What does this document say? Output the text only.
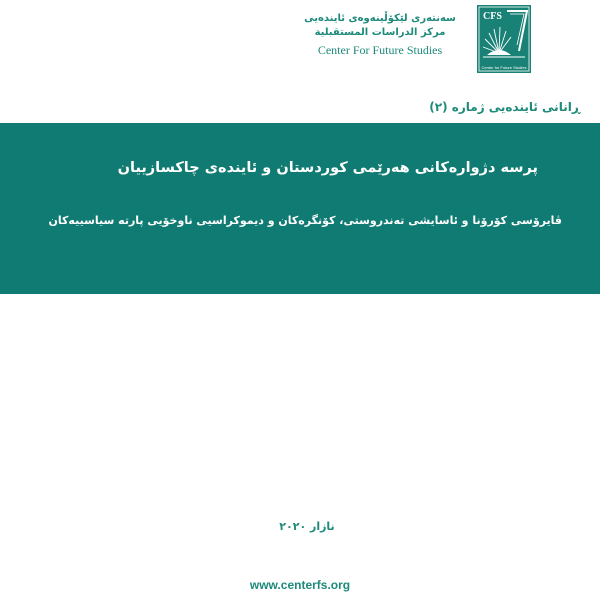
سەنتەری لێکۆڵینەوەی ئایندەیی
مركز الدراسات المستقبلية
Center For Future Studies
CFS
Center for Future Studies
ڕانانی ئایندەیی ژمارە (٢)
پرسە دژوارەکانی هەرێمی کوردستان و ئایندەی چاکسازییان
ڤایرۆسی کۆرۆنا و ئاسایشی تەندروستی، کۆنگرەکان و دیموکراسیی ناوخۆیی پارتە سیاسییەکان
نازار ٢٠٢٠
www.centerfs.org
